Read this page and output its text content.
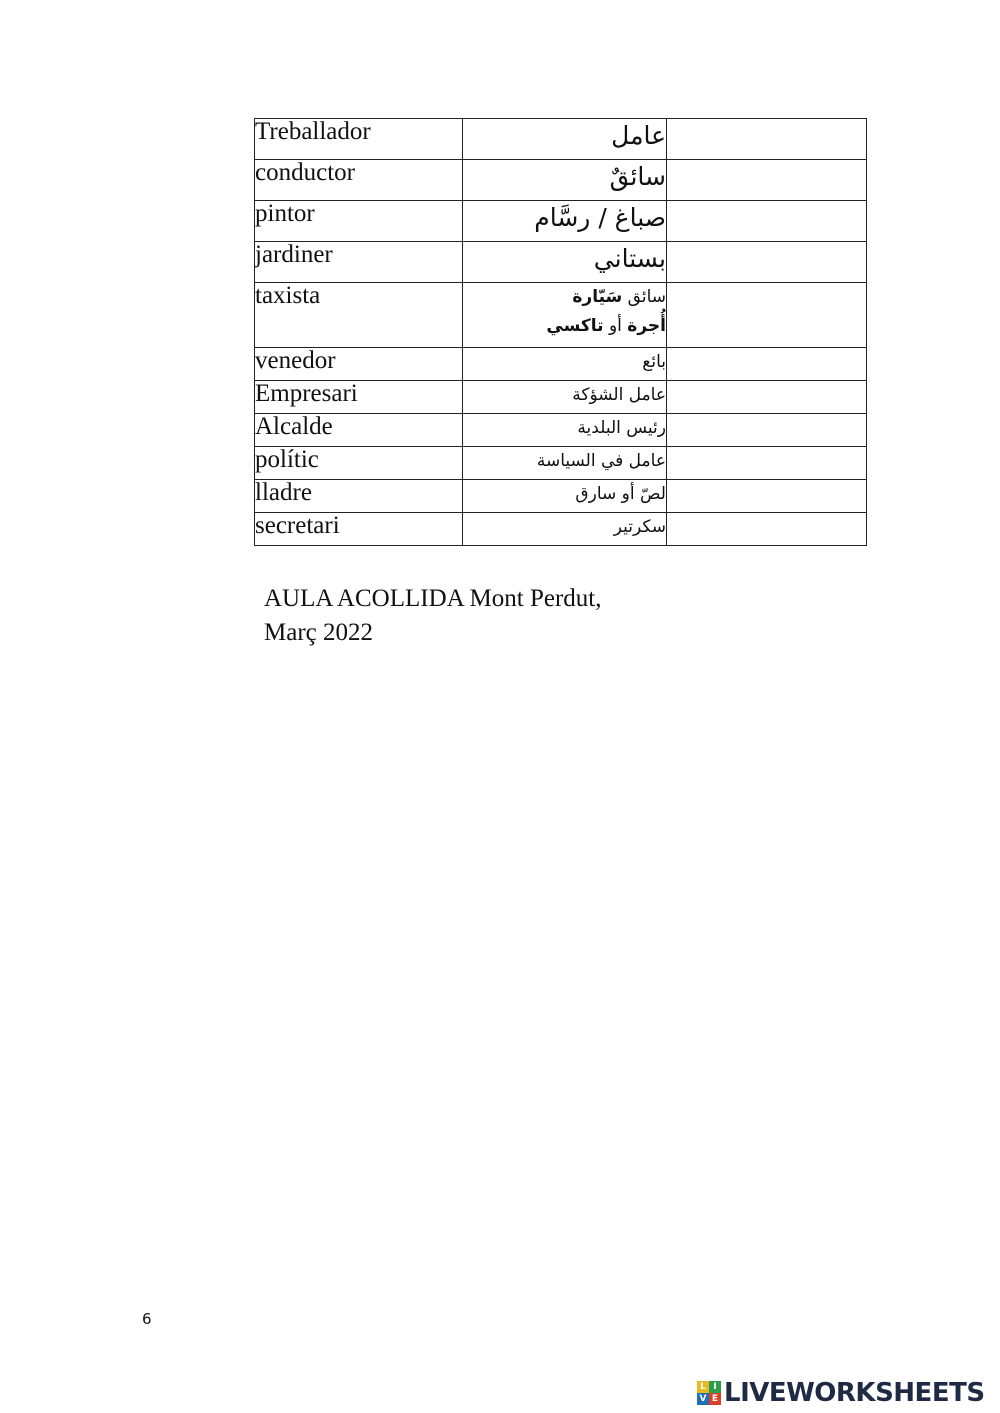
Treballador	عامل	
conductor	سائقٌ	
pintor	صباغ / رسَّام	
jardiner	بستاني	
taxista	سائق سَيّارة
أُجرة أو تاكسي	

venedor	بائع	
Empresari	عامل الشؤكة	
Alcalde	رئيس البلدية	
polític	عامل في السياسة	
lladre	لصّ أو سارق	
secretari	سكرتير	
AULA ACOLLIDA Mont Perdut,
Març 2022
6
L I
V E LIVEWORKSHEETS
